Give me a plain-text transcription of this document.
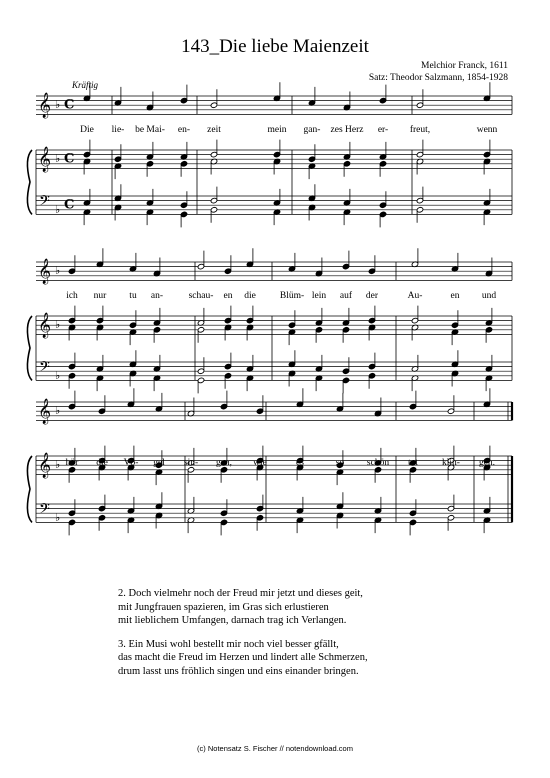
143_Die liebe Maienzeit
Melchior Franck, 1611
Satz: Theodor Salzmann, 1854-1928
Kräftig
𝄞
𝄞
𝄢
♭
♭
♭
C
C
C
𝄞
𝄞
𝄢
♭
♭
♭
𝄞
𝄞
𝄢
♭
♭
♭
Die lie- be Mai- en- zeit	mein gan- zes Herz er- freut,	wenn
ich nur tu an-	schau- en die	Blüm- lein auf der	Au-	en und
hör die Vö- gel sin- gen, wie	es	so schön tut	klin- gen.

2. Doch vielmehr noch der Freud mir jetzt und dieses geit,
mit Jungfrauen spazieren, im Gras sich erlustieren
mit lieblichem Umfangen, darnach trag ich Verlangen.

3. Ein Musi wohl bestellt mir noch viel besser gfällt,
das macht die Freud im Herzen und lindert alle Schmerzen,
drum lasst uns fröhlich singen und eins einander bringen.

(c) Notensatz S. Fischer // notendownload.com
